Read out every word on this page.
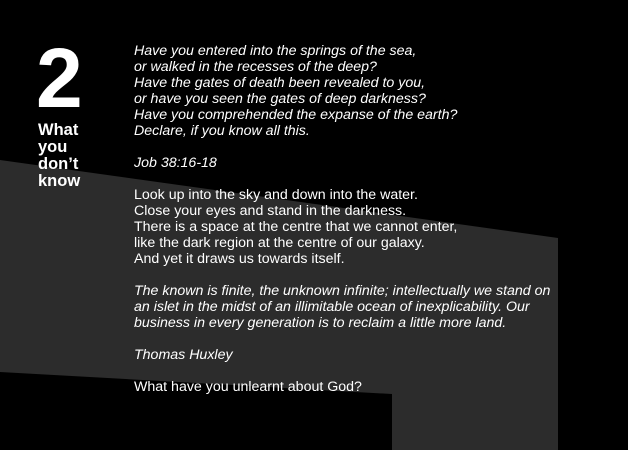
2
What
you
don’t
know
Have you entered into the springs of the sea,
or walked in the recesses of the deep?
Have the gates of death been revealed to you,
or have you seen the gates of deep darkness?
Have you comprehended the expanse of the earth?
Declare, if you know all this.
Job 38:16-18
Look up into the sky and down into the water.
Close your eyes and stand in the darkness.
There is a space at the centre that we cannot enter,
like the dark region at the centre of our galaxy.
And yet it draws us towards itself.
The known is finite, the unknown infinite; intellectually we stand on
an islet in the midst of an illimitable ocean of inexplicability. Our
business in every generation is to reclaim a little more land.
Thomas Huxley
What have you unlearnt about God?
